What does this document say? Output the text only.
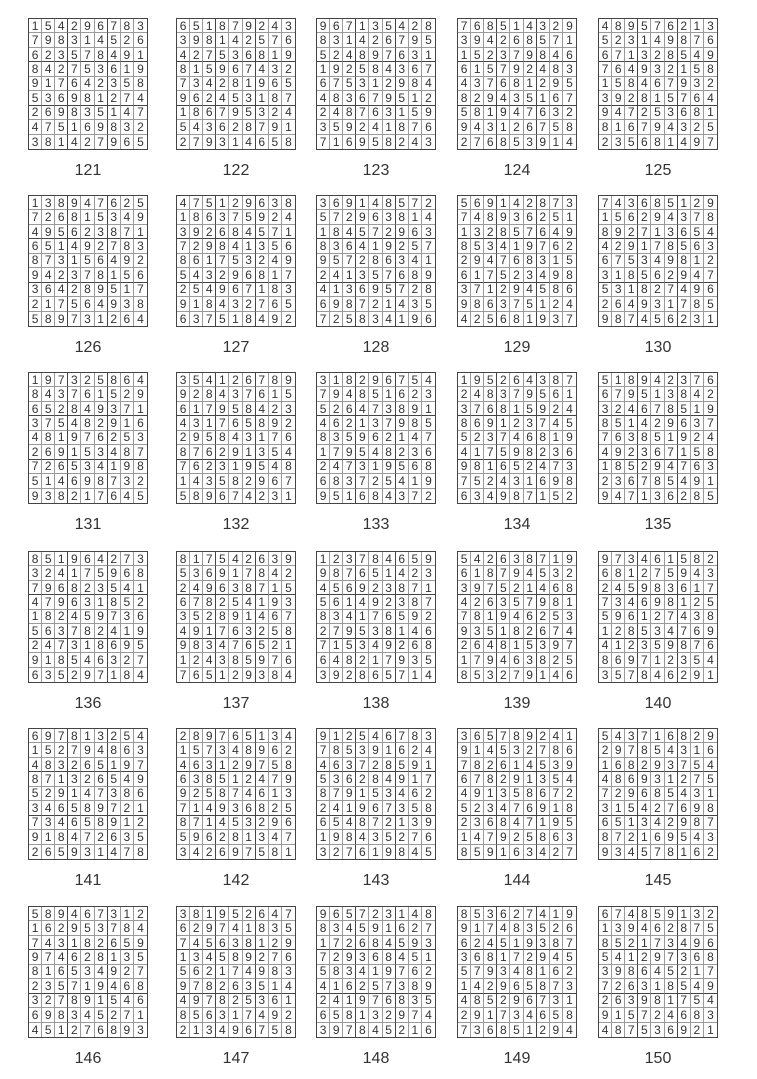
1 5 4 2 9 6 7 8 3
7 9 8 3 1 4 5 2 6
6 2 3 5 7 8 4 9 1
8 4 2 7 5 3 6 1 9
9 1 7 6 4 2 3 5 8
5 3 6 9 8 1 2 7 4
2 6 9 8 3 5 1 4 7
4 7 5 1 6 9 8 3 2
3 8 1 4 2 7 9 6 5
121
6 5 1 8 7 9 2 4 3
3 9 8 1 4 2 5 7 6
4 2 7 5 3 6 8 1 9
8 1 5 9 6 7 4 3 2
7 3 4 2 8 1 9 6 5
9 6 2 4 5 3 1 8 7
1 8 6 7 9 5 3 2 4
5 4 3 6 2 8 7 9 1
2 7 9 3 1 4 6 5 8
122
9 6 7 1 3 5 4 2 8
8 3 1 4 2 6 7 9 5
5 2 4 8 9 7 6 3 1
1 9 2 5 8 4 3 6 7
6 7 5 3 1 2 9 8 4
4 8 3 6 7 9 5 1 2
2 4 8 7 6 3 1 5 9
3 5 9 2 4 1 8 7 6
7 1 6 9 5 8 2 4 3
123
7 6 8 5 1 4 3 2 9
3 9 4 2 6 8 5 7 1
1 5 2 3 7 9 8 4 6
6 1 5 7 9 2 4 8 3
4 3 7 6 8 1 2 9 5
8 2 9 4 3 5 1 6 7
5 8 1 9 4 7 6 3 2
9 4 3 1 2 6 7 5 8
2 7 6 8 5 3 9 1 4
124
4 8 9 5 7 6 2 1 3
5 2 3 1 4 9 8 7 6
6 7 1 3 2 8 5 4 9
7 6 4 9 3 2 1 5 8
1 5 8 4 6 7 9 3 2
3 9 2 8 1 5 7 6 4
9 4 7 2 5 3 6 8 1
8 1 6 7 9 4 3 2 5
2 3 5 6 8 1 4 9 7
125
1 3 8 9 4 7 6 2 5
7 2 6 8 1 5 3 4 9
4 9 5 6 2 3 8 7 1
6 5 1 4 9 2 7 8 3
8 7 3 1 5 6 4 9 2
9 4 2 3 7 8 1 5 6
3 6 4 2 8 9 5 1 7
2 1 7 5 6 4 9 3 8
5 8 9 7 3 1 2 6 4
126
4 7 5 1 2 9 6 3 8
1 8 6 3 7 5 9 2 4
3 9 2 6 8 4 5 7 1
7 2 9 8 4 1 3 5 6
8 6 1 7 5 3 2 4 9
5 4 3 2 9 6 8 1 7
2 5 4 9 6 7 1 8 3
9 1 8 4 3 2 7 6 5
6 3 7 5 1 8 4 9 2
127
3 6 9 1 4 8 5 7 2
5 7 2 9 6 3 8 1 4
1 8 4 5 7 2 9 6 3
8 3 6 4 1 9 2 5 7
9 5 7 2 8 6 3 4 1
2 4 1 3 5 7 6 8 9
4 1 3 6 9 5 7 2 8
6 9 8 7 2 1 4 3 5
7 2 5 8 3 4 1 9 6
128
5 6 9 1 4 2 8 7 3
7 4 8 9 3 6 2 5 1
1 3 2 8 5 7 6 4 9
8 5 3 4 1 9 7 6 2
2 9 4 7 6 8 3 1 5
6 1 7 5 2 3 4 9 8
3 7 1 2 9 4 5 8 6
9 8 6 3 7 5 1 2 4
4 2 5 6 8 1 9 3 7
129
7 4 3 6 8 5 1 2 9
1 5 6 2 9 4 3 7 8
8 9 2 7 1 3 6 5 4
4 2 9 1 7 8 5 6 3
6 7 5 3 4 9 8 1 2
3 1 8 5 6 2 9 4 7
5 3 1 8 2 7 4 9 6
2 6 4 9 3 1 7 8 5
9 8 7 4 5 6 2 3 1
130
1 9 7 3 2 5 8 6 4
8 4 3 7 6 1 5 2 9
6 5 2 8 4 9 3 7 1
3 7 5 4 8 2 9 1 6
4 8 1 9 7 6 2 5 3
2 6 9 1 5 3 4 8 7
7 2 6 5 3 4 1 9 8
5 1 4 6 9 8 7 3 2
9 3 8 2 1 7 6 4 5
131
3 5 4 1 2 6 7 8 9
9 2 8 4 3 7 6 1 5
6 1 7 9 5 8 4 2 3
4 3 1 7 6 5 8 9 2
2 9 5 8 4 3 1 7 6
8 7 6 2 9 1 3 5 4
7 6 2 3 1 9 5 4 8
1 4 3 5 8 2 9 6 7
5 8 9 6 7 4 2 3 1
132
3 1 8 2 9 6 7 5 4
7 9 4 8 5 1 6 2 3
5 2 6 4 7 3 8 9 1
4 6 2 1 3 7 9 8 5
8 3 5 9 6 2 1 4 7
1 7 9 5 4 8 2 3 6
2 4 7 3 1 9 5 6 8
6 8 3 7 2 5 4 1 9
9 5 1 6 8 4 3 7 2
133
1 9 5 2 6 4 3 8 7
2 4 8 3 7 9 5 6 1
3 7 6 8 1 5 9 2 4
8 6 9 1 2 3 7 4 5
5 2 3 7 4 6 8 1 9
4 1 7 5 9 8 2 3 6
9 8 1 6 5 2 4 7 3
7 5 2 4 3 1 6 9 8
6 3 4 9 8 7 1 5 2
134
5 1 8 9 4 2 3 7 6
6 7 9 5 1 3 8 4 2
3 2 4 6 7 8 5 1 9
8 5 1 4 2 9 6 3 7
7 6 3 8 5 1 9 2 4
4 9 2 3 6 7 1 5 8
1 8 5 2 9 4 7 6 3
2 3 6 7 8 5 4 9 1
9 4 7 1 3 6 2 8 5
135
8 5 1 9 6 4 2 7 3
3 2 4 1 7 5 9 6 8
7 9 6 8 2 3 5 4 1
4 7 9 6 3 1 8 5 2
1 8 2 4 5 9 7 3 6
5 6 3 7 8 2 4 1 9
2 4 7 3 1 8 6 9 5
9 1 8 5 4 6 3 2 7
6 3 5 2 9 7 1 8 4
136
8 1 7 5 4 2 6 3 9
5 3 6 9 1 7 8 4 2
2 4 9 6 3 8 7 1 5
6 7 8 2 5 4 1 9 3
3 5 2 8 9 1 4 6 7
4 9 1 7 6 3 2 5 8
9 8 3 4 7 6 5 2 1
1 2 4 3 8 5 9 7 6
7 6 5 1 2 9 3 8 4
137
1 2 3 7 8 4 6 5 9
9 8 7 6 5 1 4 2 3
4 5 6 9 2 3 8 7 1
5 6 1 4 9 2 3 8 7
8 3 4 1 7 6 5 9 2
2 7 9 5 3 8 1 4 6
7 1 5 3 4 9 2 6 8
6 4 8 2 1 7 9 3 5
3 9 2 8 6 5 7 1 4
138
5 4 2 6 3 8 7 1 9
6 1 8 7 9 4 5 3 2
3 9 7 5 2 1 4 6 8
4 2 6 3 5 7 9 8 1
7 8 1 9 4 6 2 5 3
9 3 5 1 8 2 6 7 4
2 6 4 8 1 5 3 9 7
1 7 9 4 6 3 8 2 5
8 5 3 2 7 9 1 4 6
139
9 7 3 4 6 1 5 8 2
6 8 1 2 7 5 9 4 3
2 4 5 9 8 3 6 1 7
7 3 4 6 9 8 1 2 5
5 9 6 1 2 7 4 3 8
1 2 8 5 3 4 7 6 9
4 1 2 3 5 9 8 7 6
8 6 9 7 1 2 3 5 4
3 5 7 8 4 6 2 9 1
140
6 9 7 8 1 3 2 5 4
1 5 2 7 9 4 8 6 3
4 8 3 2 6 5 1 9 7
8 7 1 3 2 6 5 4 9
5 2 9 1 4 7 3 8 6
3 4 6 5 8 9 7 2 1
7 3 4 6 5 8 9 1 2
9 1 8 4 7 2 6 3 5
2 6 5 9 3 1 4 7 8
141
2 8 9 7 6 5 1 3 4
1 5 7 3 4 8 9 6 2
4 6 3 1 2 9 7 5 8
6 3 8 5 1 2 4 7 9
9 2 5 8 7 4 6 1 3
7 1 4 9 3 6 8 2 5
8 7 1 4 5 3 2 9 6
5 9 6 2 8 1 3 4 7
3 4 2 6 9 7 5 8 1
142
9 1 2 5 4 6 7 8 3
7 8 5 3 9 1 6 2 4
4 6 3 7 2 8 5 9 1
5 3 6 2 8 4 9 1 7
8 7 9 1 5 3 4 6 2
2 4 1 9 6 7 3 5 8
6 5 4 8 7 2 1 3 9
1 9 8 4 3 5 2 7 6
3 2 7 6 1 9 8 4 5
143
3 6 5 7 8 9 2 4 1
9 1 4 5 3 2 7 8 6
7 8 2 6 1 4 5 3 9
6 7 8 2 9 1 3 5 4
4 9 1 3 5 8 6 7 2
5 2 3 4 7 6 9 1 8
2 3 6 8 4 7 1 9 5
1 4 7 9 2 5 8 6 3
8 5 9 1 6 3 4 2 7
144
5 4 3 7 1 6 8 2 9
2 9 7 8 5 4 3 1 6
1 6 8 2 9 3 7 5 4
4 8 6 9 3 1 2 7 5
7 2 9 6 8 5 4 3 1
3 1 5 4 2 7 6 9 8
6 5 1 3 4 2 9 8 7
8 7 2 1 6 9 5 4 3
9 3 4 5 7 8 1 6 2
145
5 8 9 4 6 7 3 1 2
1 6 2 9 5 3 7 8 4
7 4 3 1 8 2 6 5 9
9 7 4 6 2 8 1 3 5
8 1 6 5 3 4 9 2 7
2 3 5 7 1 9 4 6 8
3 2 7 8 9 1 5 4 6
6 9 8 3 4 5 2 7 1
4 5 1 2 7 6 8 9 3
146
3 8 1 9 5 2 6 4 7
6 2 9 7 4 1 8 3 5
7 4 5 6 3 8 1 2 9
1 3 4 5 8 9 2 7 6
5 6 2 1 7 4 9 8 3
9 7 8 2 6 3 5 1 4
4 9 7 8 2 5 3 6 1
8 5 6 3 1 7 4 9 2
2 1 3 4 9 6 7 5 8
147
9 6 5 7 2 3 1 4 8
8 3 4 5 9 1 6 2 7
1 7 2 6 8 4 5 9 3
7 2 9 3 6 8 4 5 1
5 8 3 4 1 9 7 6 2
4 1 6 2 5 7 3 8 9
2 4 1 9 7 6 8 3 5
6 5 8 1 3 2 9 7 4
3 9 7 8 4 5 2 1 6
148
8 5 3 6 2 7 4 1 9
9 1 7 4 8 3 5 2 6
6 2 4 5 1 9 3 8 7
3 6 8 1 7 2 9 4 5
5 7 9 3 4 8 1 6 2
1 4 2 9 6 5 8 7 3
4 8 5 2 9 6 7 3 1
2 9 1 7 3 4 6 5 8
7 3 6 8 5 1 2 9 4
149
6 7 4 8 5 9 1 3 2
1 3 9 4 6 2 8 7 5
8 5 2 1 7 3 4 9 6
5 4 1 2 9 7 3 6 8
3 9 8 6 4 5 2 1 7
7 2 6 3 1 8 5 4 9
2 6 3 9 8 1 7 5 4
9 1 5 7 2 4 6 8 3
4 8 7 5 3 6 9 2 1
150
